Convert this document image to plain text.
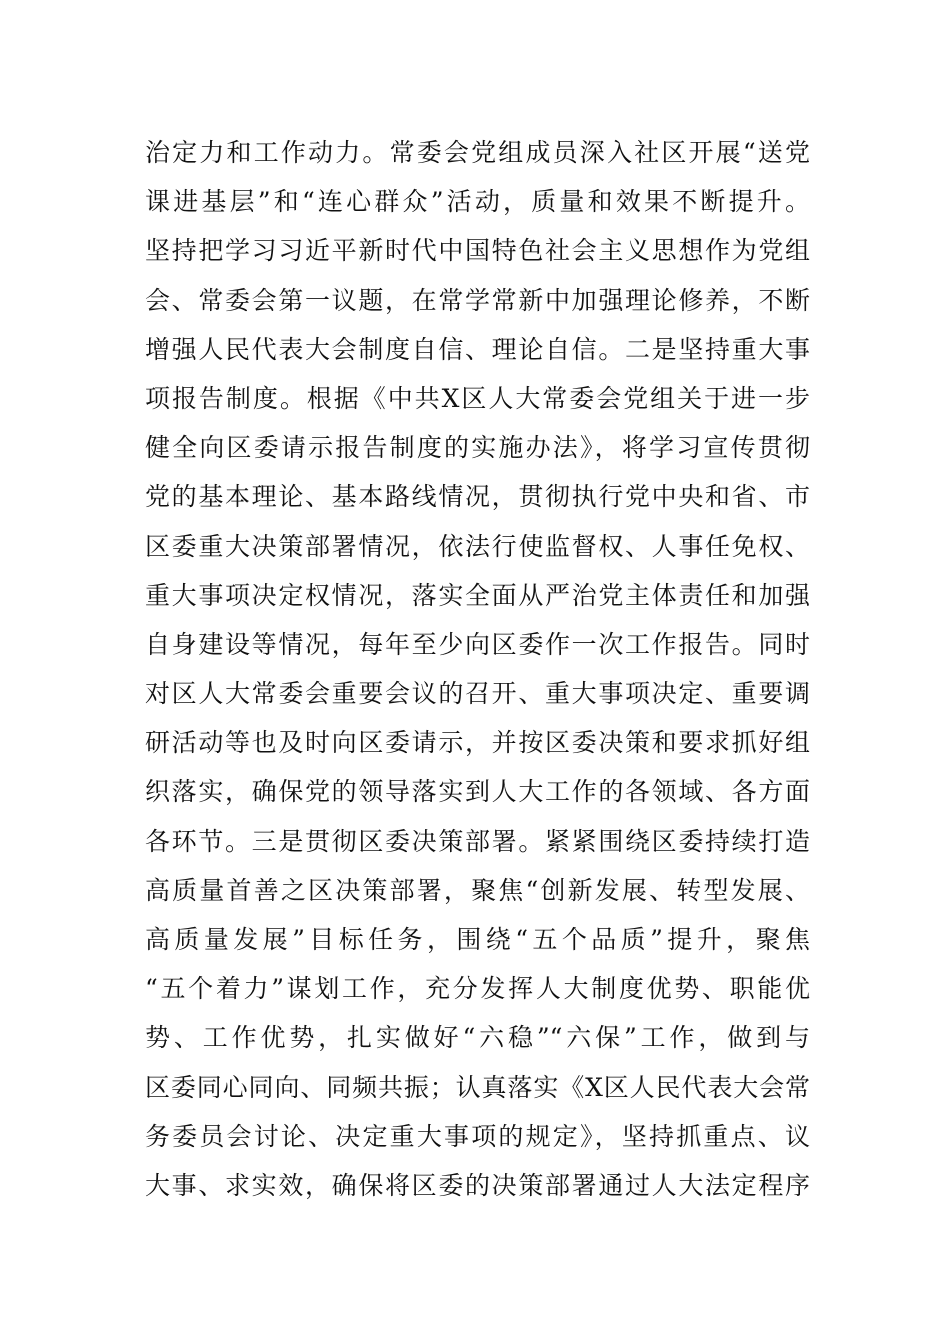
治定力和工作动力。常委会党组成员深入社区开展“送党
课进基层”和“连心群众”活动，质量和效果不断提升。
坚持把学习习近平新时代中国特色社会主义思想作为党组
会、常委会第一议题，在常学常新中加强理论修养，不断
增强人民代表大会制度自信、理论自信。二是坚持重大事
项报告制度。根据《中共X区人大常委会党组关于进一步
健全向区委请示报告制度的实施办法》，将学习宣传贯彻
党的基本理论、基本路线情况，贯彻执行党中央和省、市
区委重大决策部署情况，依法行使监督权、人事任免权、
重大事项决定权情况，落实全面从严治党主体责任和加强
自身建设等情况，每年至少向区委作一次工作报告。同时
对区人大常委会重要会议的召开、重大事项决定、重要调
研活动等也及时向区委请示，并按区委决策和要求抓好组
织落实，确保党的领导落实到人大工作的各领域、各方面
各环节。三是贯彻区委决策部署。紧紧围绕区委持续打造
高质量首善之区决策部署，聚焦“创新发展、转型发展、
高质量发展”目标任务，围绕“五个品质”提升，聚焦
“五个着力”谋划工作，充分发挥人大制度优势、职能优
势、工作优势，扎实做好“六稳”“六保”工作，做到与
区委同心同向、同频共振；认真落实《X区人民代表大会常
务委员会讨论、决定重大事项的规定》，坚持抓重点、议
大事、求实效，确保将区委的决策部署通过人大法定程序
